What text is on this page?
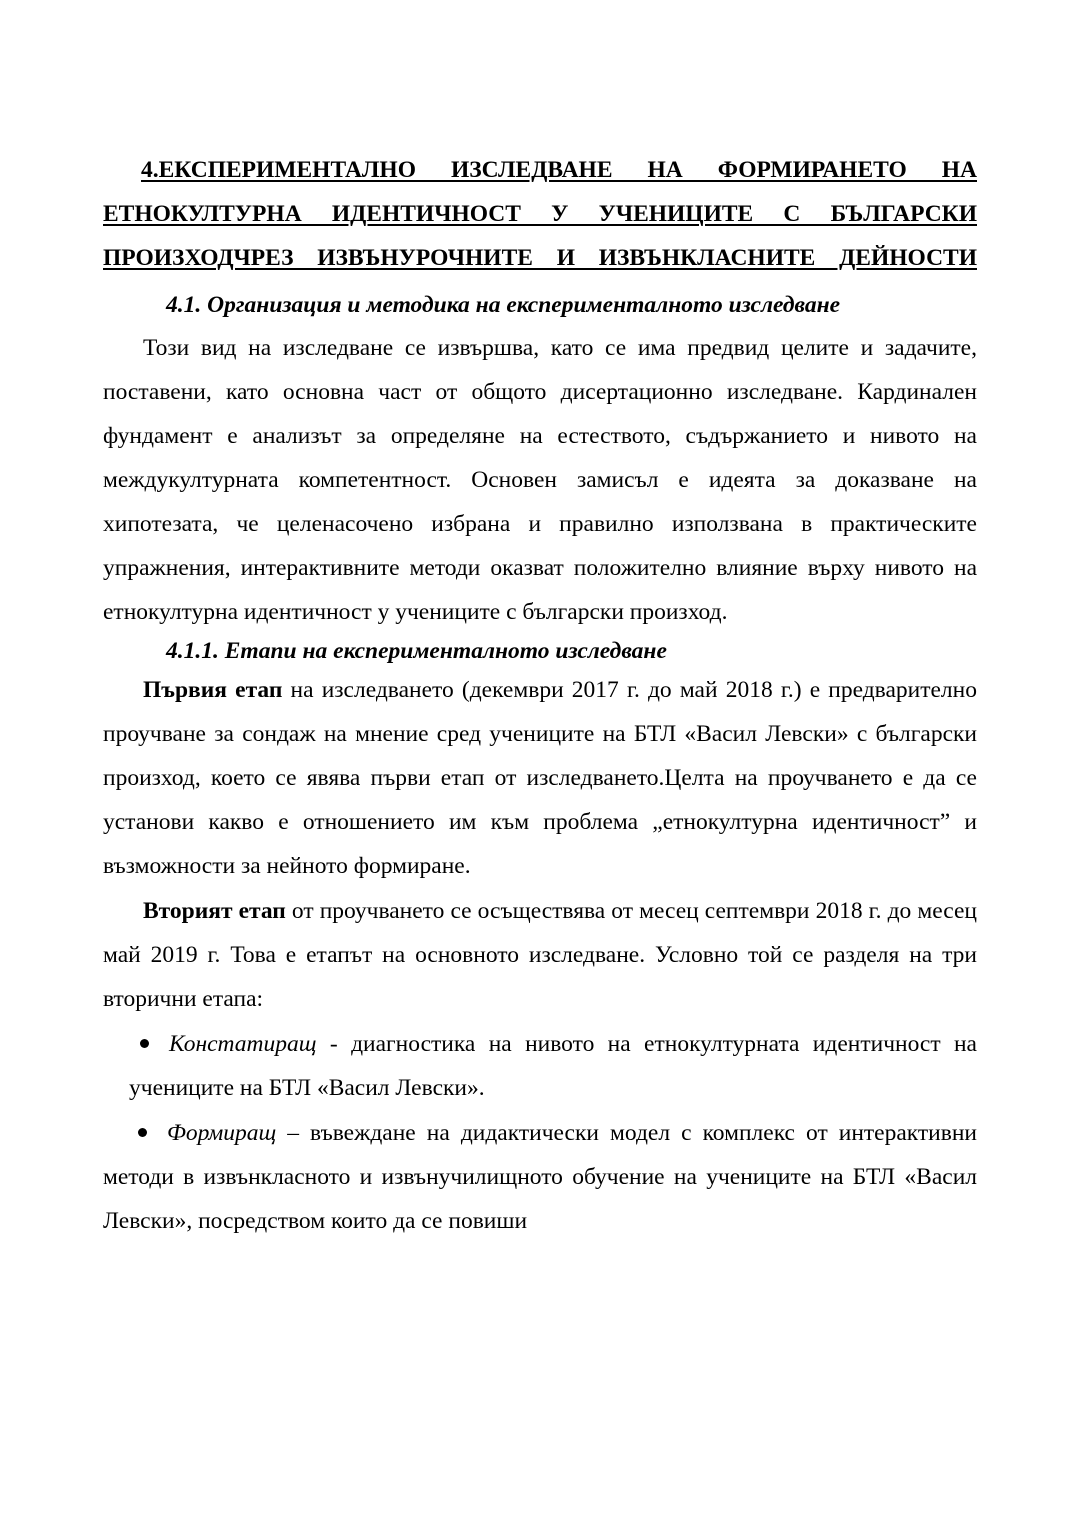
4.ЕКСПЕРИМЕНТАЛНО ИЗСЛЕДВАНЕ НА ФОРМИРАНЕТО НА
ЕТНОКУЛТУРНА ИДЕНТИЧНОСТ У УЧЕНИЦИТЕ С БЪЛГАРСКИ
ПРОИЗХОДЧРЕЗ ИЗВЪНУРОЧНИТЕ И ИЗВЪНКЛАСНИТЕ ДЕЙНОСТИ
4.1. Организация и методика на експерименталното изследване

Този вид на изследване се извършва, като се има предвид целите и задачите, поставени, като основна част от общото дисертационно изследване. Кардинален фундамент е анализът за определяне на естеството, съдържанието и нивото на междукултурната компетентност. Основен замисъл е идеята за доказване на хипотезата, че целенасочено избрана и правилно използвана в практическите упражнения, интерактивните методи оказват положително влияние върху нивото на етнокултурна идентичност у учениците с български произход.

4.1.1. Етапи на експерименталното изследване

Първия етап на изследването (декември 2017 г. до май 2018 г.) е предварително проучване за сондаж на мнение сред учениците на БТЛ «Васил Левски» с български произход, което се явява първи етап от изследването.Целта на проучването е да се установи какво е отношението им към проблема „етнокултурна идентичност” и възможности за нейното формиране.

Вторият етап от проучването се осъществява от месец септември 2018 г. до месец май 2019 г. Това е етапът на основното изследване. Условно той се разделя на три вторични етапа:

Констатиращ - диагностика на нивото на етнокултурната идентичност на учениците на БТЛ «Васил Левски».

Формиращ – въвеждане на дидактически модел с комплекс от интерактивни методи в извънкласното и извънучилищното обучение на учениците на БТЛ «Васил Левски», посредством които да се повиши
